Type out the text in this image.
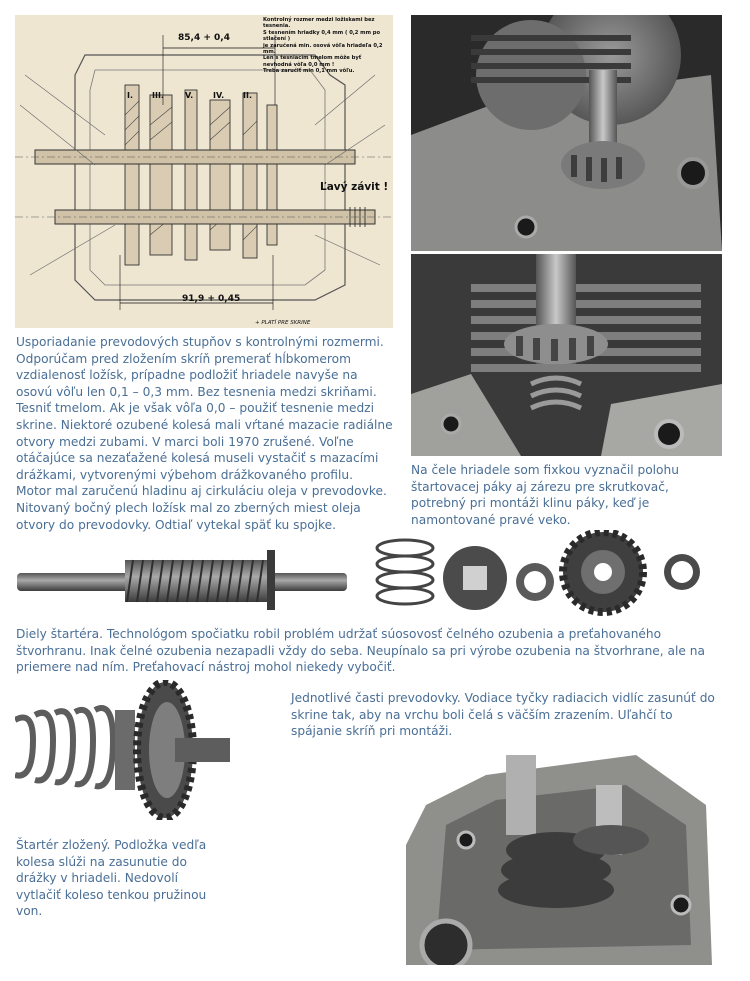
85,4 + 0,4
91,9 + 0,45
Kontrolný rozmer medzi ložiskami bez tesnenia.
S tesnením hriadky 0,4 mm ( 0,2 mm po stlačení )
je zaručená min. osová vôľa hriadeľa 0,2 mm.
Len s tesniacim tmelom môže byť nevhodná vôľa 0,0 mm !
Treba zaručiť min 0,1 mm vôľu.
I. III.	V. IV. II.
Ľavý závit !
+ PLATÍ PRE SKRINE

Usporiadanie prevodových stupňov s kontrolnými rozmermi. Odporúčam pred zložením skríň premerať hĺbkomerom vzdialenosť ložísk, prípadne podložiť hriadele navyše na osovú vôľu len 0,1 – 0,3 mm. Bez tesnenia medzi skriňami. Tesniť tmelom. Ak je však vôľa 0,0 – použiť tesnenie medzi skrine. Niektoré ozubené kolesá mali vŕtané mazacie radiálne otvory medzi zubami. V marci boli 1970 zrušené. Voľne otáčajúce sa nezaťažené kolesá museli vystačiť s mazacími drážkami, vytvorenými výbehom drážkovaného profilu.

Motor mal zaručenú hladinu aj cirkuláciu oleja v prevodovke. Nitovaný bočný plech ložísk mal zo zberných miest oleja otvory do prevodovky. Odtiaľ vytekal späť ku spojke.

Na čele hriadele som fixkou vyznačil polohu štartovacej páky aj zárezu pre skrutkovač, potrebný pri montáži klinu páky, keď je namontované pravé veko.
Diely štartéra. Technológom spočiatku robil problém udržať súosovosť čelného ozubenia a preťahovaného štvorhranu. Inak čelné ozubenia nezapadli vždy do seba. Neupínalo sa pri výrobe ozubenia na štvorhrane, ale na priemere nad ním. Preťahovací nástroj mohol niekedy vybočiť.
Jednotlivé časti prevodovky. Vodiace tyčky radiacich vidlíc zasunúť do skrine tak, aby na vrchu boli čelá s väčším zrazením. Uľahčí to spájanie skríň pri montáži.
Štartér zložený. Podložka vedľa kolesa slúži na zasunutie do drážky v hriadeli. Nedovolí vytlačiť koleso tenkou pružinou von.
